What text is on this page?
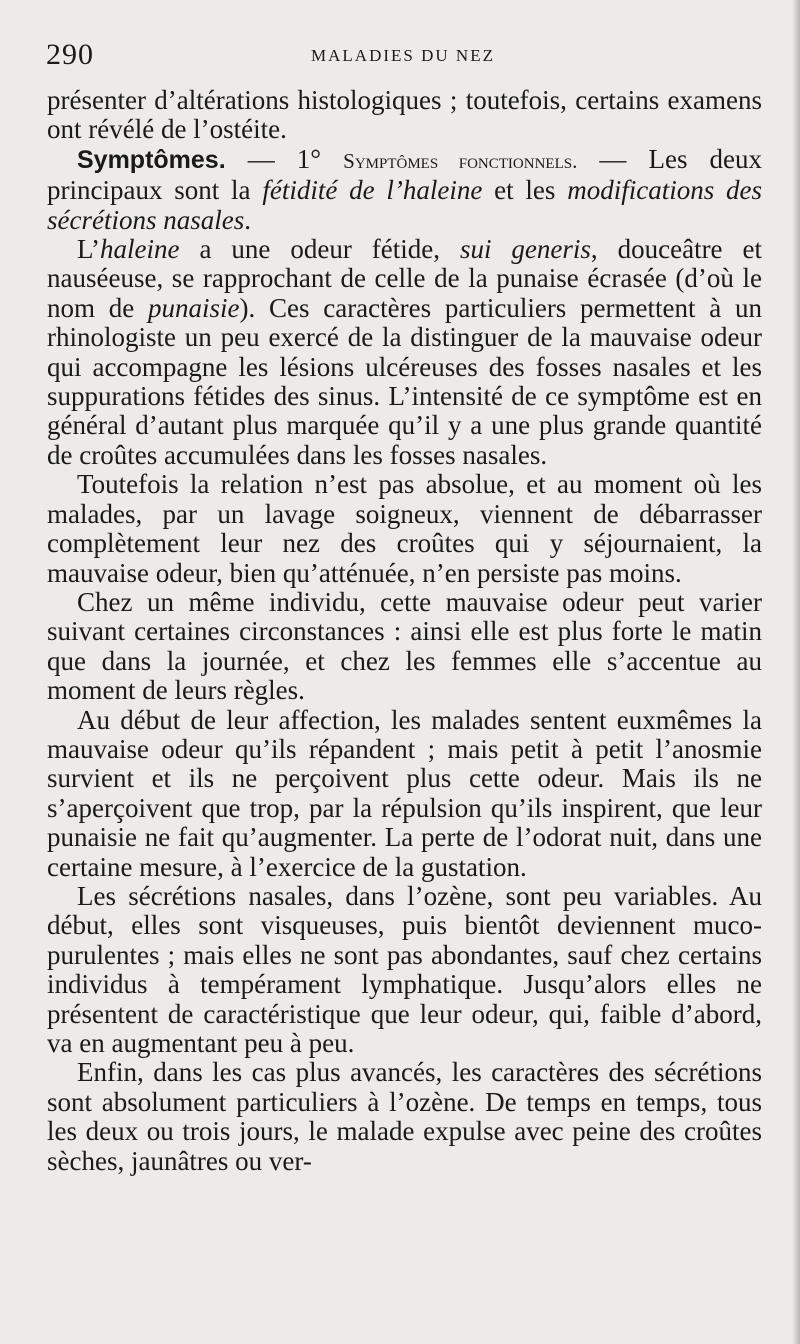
290	MALADIES DU NEZ

présenter d’altérations histologiques ; toutefois, certains examens ont révélé de l’ostéite.

Symptômes. — 1° Symptômes fonctionnels. — Les deux principaux sont la fétidité de l’haleine et les modifications des sécrétions nasales.

L’haleine a une odeur fétide, sui generis, douceâtre et nauséeuse, se rapprochant de celle de la punaise écrasée (d’où le nom de punaisie). Ces caractères particuliers permettent à un rhinologiste un peu exercé de la distinguer de la mauvaise odeur qui accompagne les lésions ulcéreuses des fosses nasales et les suppurations fétides des sinus. L’intensité de ce symptôme est en général d’autant plus marquée qu’il y a une plus grande quantité de croûtes accumulées dans les fosses nasales.

Toutefois la relation n’est pas absolue, et au moment où les malades, par un lavage soigneux, viennent de débarrasser complètement leur nez des croûtes qui y séjournaient, la mauvaise odeur, bien qu’atténuée, n’en persiste pas moins.

Chez un même individu, cette mauvaise odeur peut varier suivant certaines circonstances : ainsi elle est plus forte le matin que dans la journée, et chez les femmes elle s’accentue au moment de leurs règles.

Au début de leur affection, les malades sentent euxmêmes la mauvaise odeur qu’ils répandent ; mais petit à petit l’anosmie survient et ils ne perçoivent plus cette odeur. Mais ils ne s’aperçoivent que trop, par la répulsion qu’ils inspirent, que leur punaisie ne fait qu’augmenter. La perte de l’odorat nuit, dans une certaine mesure, à l’exercice de la gustation.

Les sécrétions nasales, dans l’ozène, sont peu variables. Au début, elles sont visqueuses, puis bientôt deviennent muco-purulentes ; mais elles ne sont pas abondantes, sauf chez certains individus à tempérament lymphatique. Jusqu’alors elles ne présentent de caractéristique que leur odeur, qui, faible d’abord, va en augmentant peu à peu.

Enfin, dans les cas plus avancés, les caractères des sécrétions sont absolument particuliers à l’ozène. De temps en temps, tous les deux ou trois jours, le malade expulse avec peine des croûtes sèches, jaunâtres ou ver-
